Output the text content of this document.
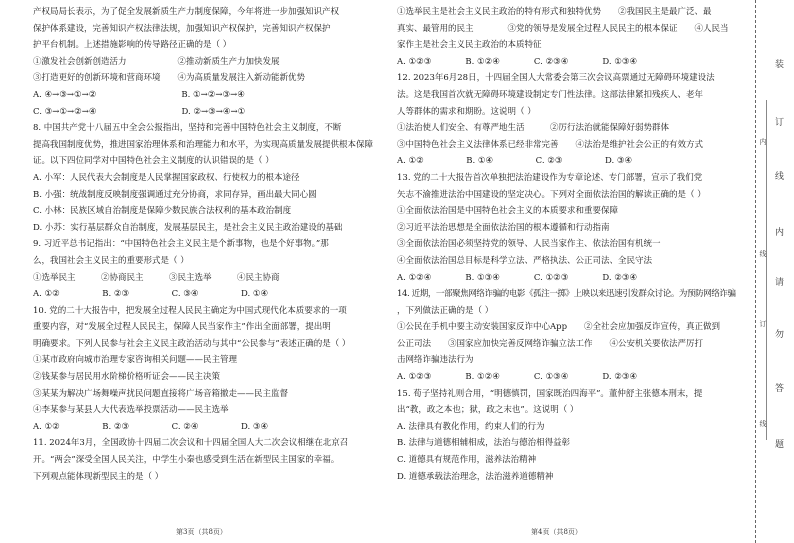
产权局局长表示，为了促全发展新质生产力制度保障，今年将进一步加强知识产权

保护体系建设，完善知识产权法律法规，加强知识产权保护，完善知识产权保护

护平台机制。上述措施影响的传导路径正确的是（ ）

①激发社会创新创造活力　　　　　　②推动新质生产力加快发展

③打造更好的创新环境和营商环境　　④为高质量发展注入新动能新优势

A. ④→③→①→②　　　　　　　　　　B. ①→②→③→④

C. ③→①→②→④　　　　　　　　　　D. ②→③→④→①

8. 中国共产党十八届五中全会公报指出，坚持和完善中国特色社会主义制度，不断

提高我国制度优势，推进国家治理体系和治理能力和水平，为实现高质量发展提供根本保障

证。以下四位同学对中国特色社会主义制度的认识错误的是（ ）

A. 小军：人民代表大会制度是人民掌握国家政权、行使权力的根本途径

B. 小强：统战制度反映制度强调通过充分协商，求同存异，画出最大同心圆

C. 小林：民族区域自治制度是保障少数民族合法权利的基本政治制度

D. 小苏：实行基层群众自治制度，发展基层民主，是社会主义民主政治建设的基础

9. 习近平总书记指出：“中国特色社会主义民主是个新事物，也是个好事物。”那

么，我国社会主义民主的重要形式是（ ）

①选举民主　　　②协商民主　　　③民主选举　　　④民主协商

A. ①②　　　　　B. ②③　　　　　C. ③④　　　　　D. ①④

10. 党的二十大报告中，把发展全过程人民民主确定为中国式现代化本质要求的一项

重要内容，对“发展全过程人民民主，保障人民当家作主”作出全面部署，提出明

明确要求。下列人民参与社会主义民主政治活动与其中“公民参与”表述正确的是（ ）

①某市政府向城市治理专家咨询相关问题——民主管理

②钱某参与居民用水阶梯价格听证会——民主决策

③某某为解决广场舞噪声扰民问题直接将广场音箱撤走——民主监督

④李某参与某县人大代表选举投票活动——民主选举

A. ①②　　　　　B. ②③　　　　　C. ②④　　　　　D. ③④

11. 2024年3月，全国政协十四届二次会议和十四届全国人大二次会议相继在北京召

开。“两会”深受全国人民关注，中学生小秦也感受到生活在新型民主国家的幸福。

下列观点能体现新型民主的是（ ）

①选举民主是社会主义民主政治的特有形式和独特优势　　②我国民主是最广泛、最

真实、最管用的民主　　　　③党的领导是发展全过程人民民主的根本保证　　④人民当

家作主是社会主义民主政治的本质特征

A. ①②③　　　　B. ①②④　　　　C. ②③④　　　　D. ①③④

12. 2023年6月28日，十四届全国人大常委会第三次会议高票通过无障碍环境建设法

法。这是我国首次就无障碍环境建设制定专门性法律。这部法律紧扣残疾人、老年

人等群体的需求和期盼。这说明（ ）

①法治使人们安全、有尊严地生活　　　②厉行法治就能保障好弱势群体

③中国特色社会主义法律体系已经非常完善　　④法治是维护社会公正的有效方式

A. ①②　　　　　B. ①④　　　　　C. ②③　　　　　D. ③④

13. 党的二十大报告首次单独把法治建设作为专章论述、专门部署，宣示了我们党

矢志不渝推进法治中国建设的坚定决心。下列对全面依法治国的解读正确的是（ ）

①全面依法治国是中国特色社会主义的本质要求和重要保障

②习近平法治思想是全面依法治国的根本遵循和行动指南

③全面依法治国必须坚持党的领导、人民当家作主、依法治国有机统一

④全面依法治国总目标是科学立法、严格执法、公正司法、全民守法

A. ①②④　　　　B. ①③④　　　　C. ①②③　　　　D. ②③④

14. 近期，一部聚焦网络诈骗的电影《孤注一掷》上映以来迅速引发群众讨论。为预防网络诈骗

，下列做法正确的是（ ）

①公民在手机中要主动安装国家反诈中心App　　②全社会应加强反诈宣传，真正做到

公正司法　　③国家应加快完善反网络诈骗立法工作　　④公安机关要依法严厉打

击网络诈骗违法行为

A. ①②③　　　　B. ①②④　　　　C. ①③④　　　　D. ②③④

15. 荀子坚持礼则合用，“明德慎罚，国家既治四海平”。董仲舒主张德本刑末，提

出“教，政之本也；狱，政之末也”。这说明（ ）

A. 法律具有教化作用，约束人们的行为

B. 法律与道德相辅相成，法治与德治相得益彰

C. 道德具有规范作用，滋养法治精神

D. 道德承载法治理念，法治滋养道德精神

第3页（共8页）	第4页（共8页）
装
订
线
内
请
勿
答
题
内
线
订
线
